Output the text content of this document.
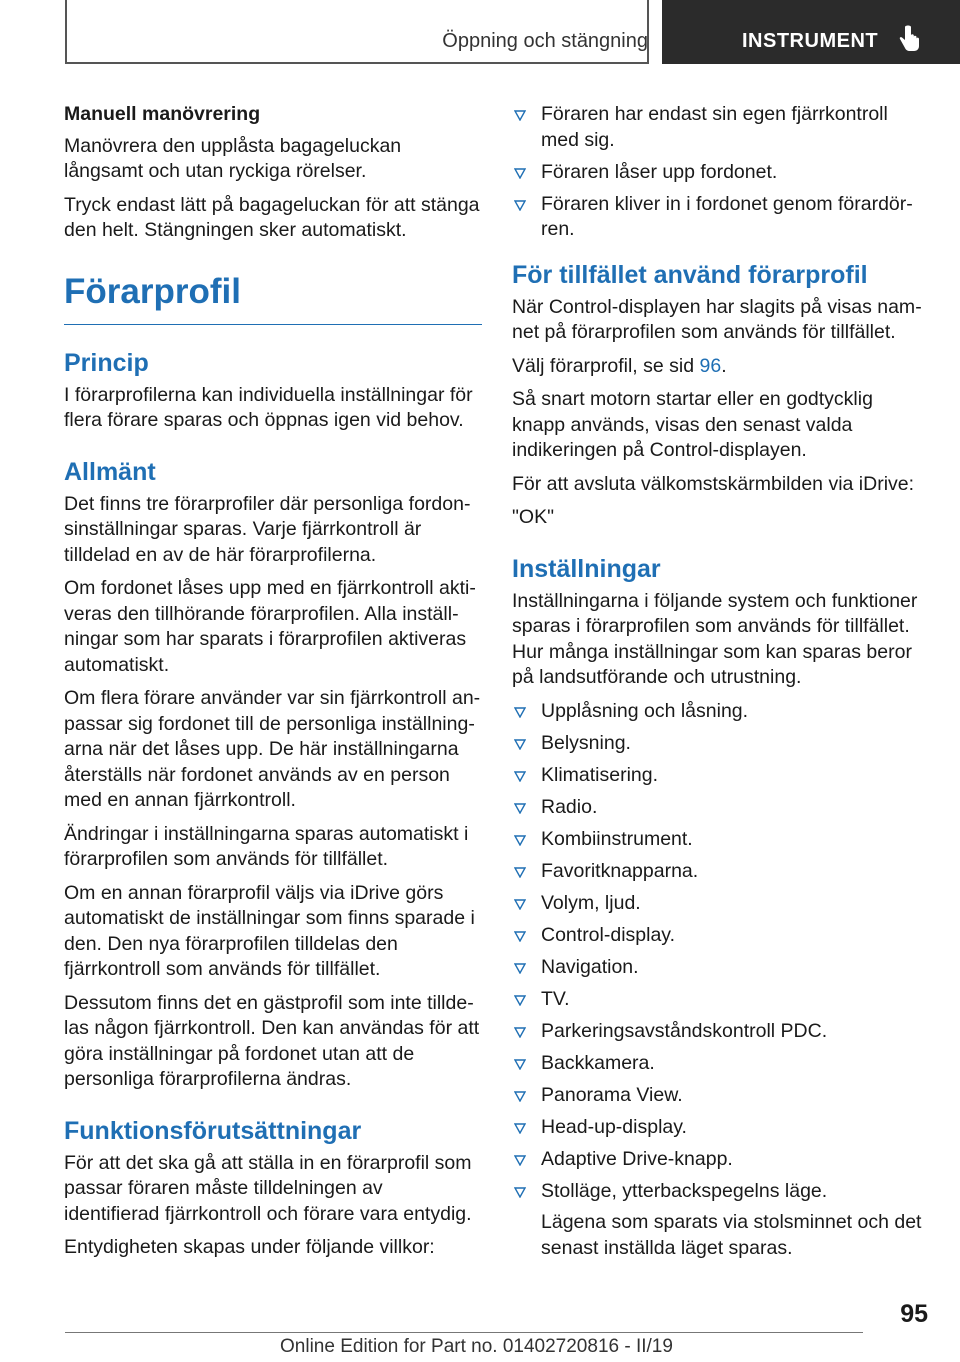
Öppning och stängning	INSTRUMENT
Manuell manövrering

Manövrera den upplåsta bagageluckan långsamt och utan ryckiga rörelser.

Tryck endast lätt på bagageluckan för att stänga den helt. Stängningen sker automatiskt.

Förarprofil
Princip

I förarprofilerna kan individuella inställningar för flera förare sparas och öppnas igen vid behov.

Allmänt

Det finns tre förarprofiler där personliga fordonsinställningar sparas. Varje fjärrkontroll är tilldelad en av de här förarprofilerna.

Om fordonet låses upp med en fjärrkontroll aktiveras den tillhörande förarprofilen. Alla inställningar som har sparats i förarprofilen aktiveras automatiskt.

Om flera förare använder var sin fjärrkontroll anpassar sig fordonet till de personliga inställningarna när det låses upp. De här inställningarna återställs när fordonet används av en person med en annan fjärrkontroll.

Ändringar i inställningarna sparas automatiskt i förarprofilen som används för tillfället.

Om en annan förarprofil väljs via iDrive görs automatiskt de inställningar som finns sparade i den. Den nya förarprofilen tilldelas den fjärrkontroll som används för tillfället.

Dessutom finns det en gästprofil som inte tilldelas någon fjärrkontroll. Den kan användas för att göra inställningar på fordonet utan att de personliga förarprofilerna ändras.

Funktionsförutsättningar

För att det ska gå att ställa in en förarprofil som passar föraren måste tilldelningen av identifierad fjärrkontroll och förare vara entydig.

Entydigheten skapas under följande villkor:

Föraren har endast sin egen fjärrkontroll med sig.
Föraren låser upp fordonet.
Föraren kliver in i fordonet genom förardörren.
För tillfället använd förarprofil

När Control-displayen har slagits på visas namnet på förarprofilen som används för tillfället.

Välj förarprofil, se sid 96.

Så snart motorn startar eller en godtycklig knapp används, visas den senast valda indikeringen på Control-displayen.

För att avsluta välkomstskärmbilden via iDrive:

"OK"

Inställningar

Inställningarna i följande system och funktioner sparas i förarprofilen som används för tillfället. Hur många inställningar som kan sparas beror på landsutförande och utrustning.

Upplåsning och låsning.
Belysning.
Klimatisering.
Radio.
Kombiinstrument.
Favoritknapparna.
Volym, ljud.
Control-display.
Navigation.
TV.
Parkeringsavståndskontroll PDC.
Backkamera.
Panorama View.
Head-up-display.
Adaptive Drive-knapp.
Stolläge, ytterbackspegelns läge.
Lägena som sparats via stolsminnet och det senast inställda läget sparas.
95
Online Edition for Part no. 01402720816 - II/19
